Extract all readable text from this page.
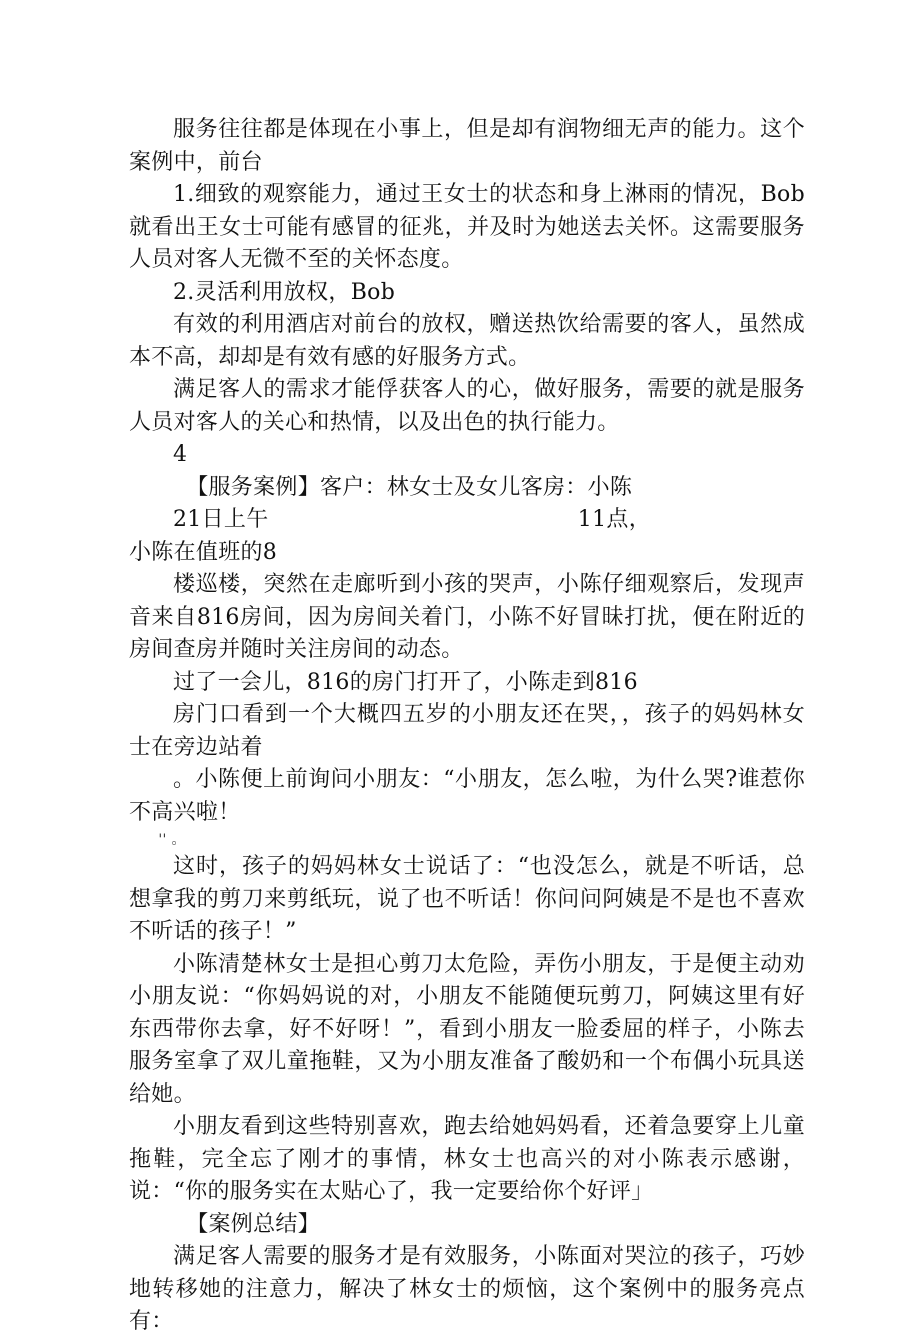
服务往往都是体现在小事上，但是却有润物细无声的能力。这个案例中，前台

1.细致的观察能力，通过王女士的状态和身上淋雨的情况，Bob就看出王女士可能有感冒的征兆，并及时为她送去关怀。这需要服务人员对客人无微不至的关怀态度。

2.灵活利用放权，Bob

有效的利用酒店对前台的放权，赠送热饮给需要的客人，虽然成本不高，却却是有效有感的好服务方式。

满足客人的需求才能俘获客人的心，做好服务，需要的就是服务人员对客人的关心和热情，以及出色的执行能力。

4

【服务案例】客户：林女士及女儿客房：小陈

21日上午	11点，

小陈在值班的8

楼巡楼，突然在走廊听到小孩的哭声，小陈仔细观察后，发现声音来自816房间，因为房间关着门，小陈不好冒昧打扰，便在附近的房间查房并随时关注房间的动态。

过了一会儿，816的房门打开了，小陈走到816

房门口看到一个大概四五岁的小朋友还在哭，，孩子的妈妈林女士在旁边站着

。小陈便上前询问小朋友：“小朋友，怎么啦，为什么哭?谁惹你不高兴啦！

'' 。

这时，孩子的妈妈林女士说话了：“也没怎么，就是不听话，总想拿我的剪刀来剪纸玩，说了也不听话！你问问阿姨是不是也不喜欢不听话的孩子！”

小陈清楚林女士是担心剪刀太危险，弄伤小朋友，于是便主动劝小朋友说：“你妈妈说的对，小朋友不能随便玩剪刀，阿姨这里有好东西带你去拿，好不好呀！”，看到小朋友一脸委屈的样子，小陈去服务室拿了双儿童拖鞋，又为小朋友准备了酸奶和一个布偶小玩具送给她。

小朋友看到这些特别喜欢，跑去给她妈妈看，还着急要穿上儿童拖鞋，完全忘了刚才的事情，林女士也高兴的对小陈表示感谢，说：“你的服务实在太贴心了，我一定要给你个好评」

【案例总结】

满足客人需要的服务才是有效服务，小陈面对哭泣的孩子，巧妙地转移她的注意力，解决了林女士的烦恼，这个案例中的服务亮点有：
